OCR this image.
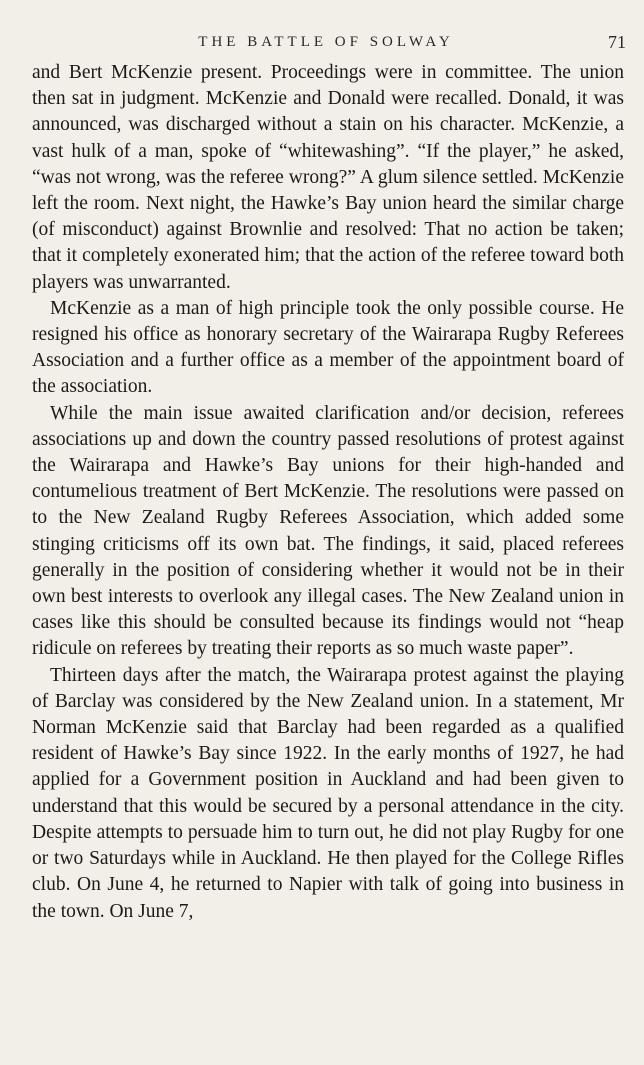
THE BATTLE OF SOLWAY	71

and Bert McKenzie present. Proceedings were in committee. The union then sat in judgment. McKenzie and Donald were recalled. Donald, it was announced, was discharged without a stain on his character. McKenzie, a vast hulk of a man, spoke of “whitewashing”. “If the player,” he asked, “was not wrong, was the referee wrong?” A glum silence settled. McKenzie left the room. Next night, the Hawke’s Bay union heard the similar charge (of misconduct) against Brownlie and resolved: That no action be taken; that it completely exonerated him; that the action of the referee toward both players was unwarranted.

McKenzie as a man of high principle took the only possible course. He resigned his office as honorary secretary of the Wairarapa Rugby Referees Association and a further office as a member of the appointment board of the association.

While the main issue awaited clarification and/or decision, referees associations up and down the country passed resolutions of protest against the Wairarapa and Hawke’s Bay unions for their high-handed and contumelious treatment of Bert McKenzie. The resolutions were passed on to the New Zealand Rugby Referees Association, which added some stinging criticisms off its own bat. The findings, it said, placed referees generally in the position of considering whether it would not be in their own best interests to overlook any illegal cases. The New Zealand union in cases like this should be consulted because its findings would not “heap ridicule on referees by treating their reports as so much waste paper”.

Thirteen days after the match, the Wairarapa protest against the playing of Barclay was considered by the New Zealand union. In a statement, Mr Norman McKenzie said that Barclay had been regarded as a qualified resident of Hawke’s Bay since 1922. In the early months of 1927, he had applied for a Government position in Auckland and had been given to understand that this would be secured by a personal attendance in the city. Despite attempts to persuade him to turn out, he did not play Rugby for one or two Saturdays while in Auckland. He then played for the College Rifles club. On June 4, he returned to Napier with talk of going into business in the town. On June 7,
